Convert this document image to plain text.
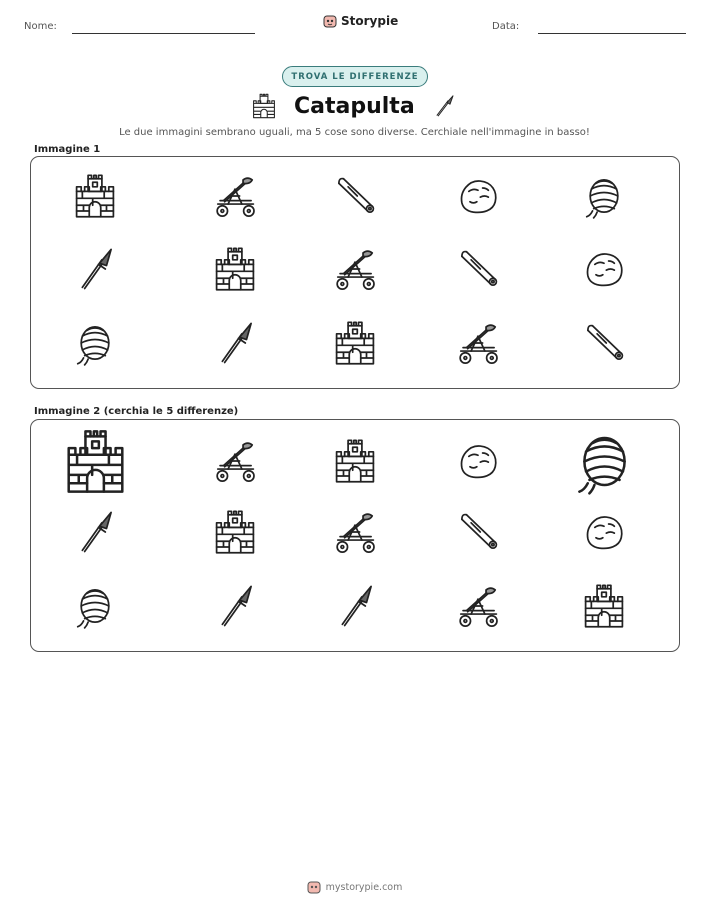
Nome:	Storypie	Data:
TROVA LE DIFFERENZE
Catapulta
Le due immagini sembrano uguali, ma 5 cose sono diverse. Cerchiale nell'immagine in basso!
Immagine 1
Immagine 2 (cerchia le 5 differenze)
mystorypie.com
